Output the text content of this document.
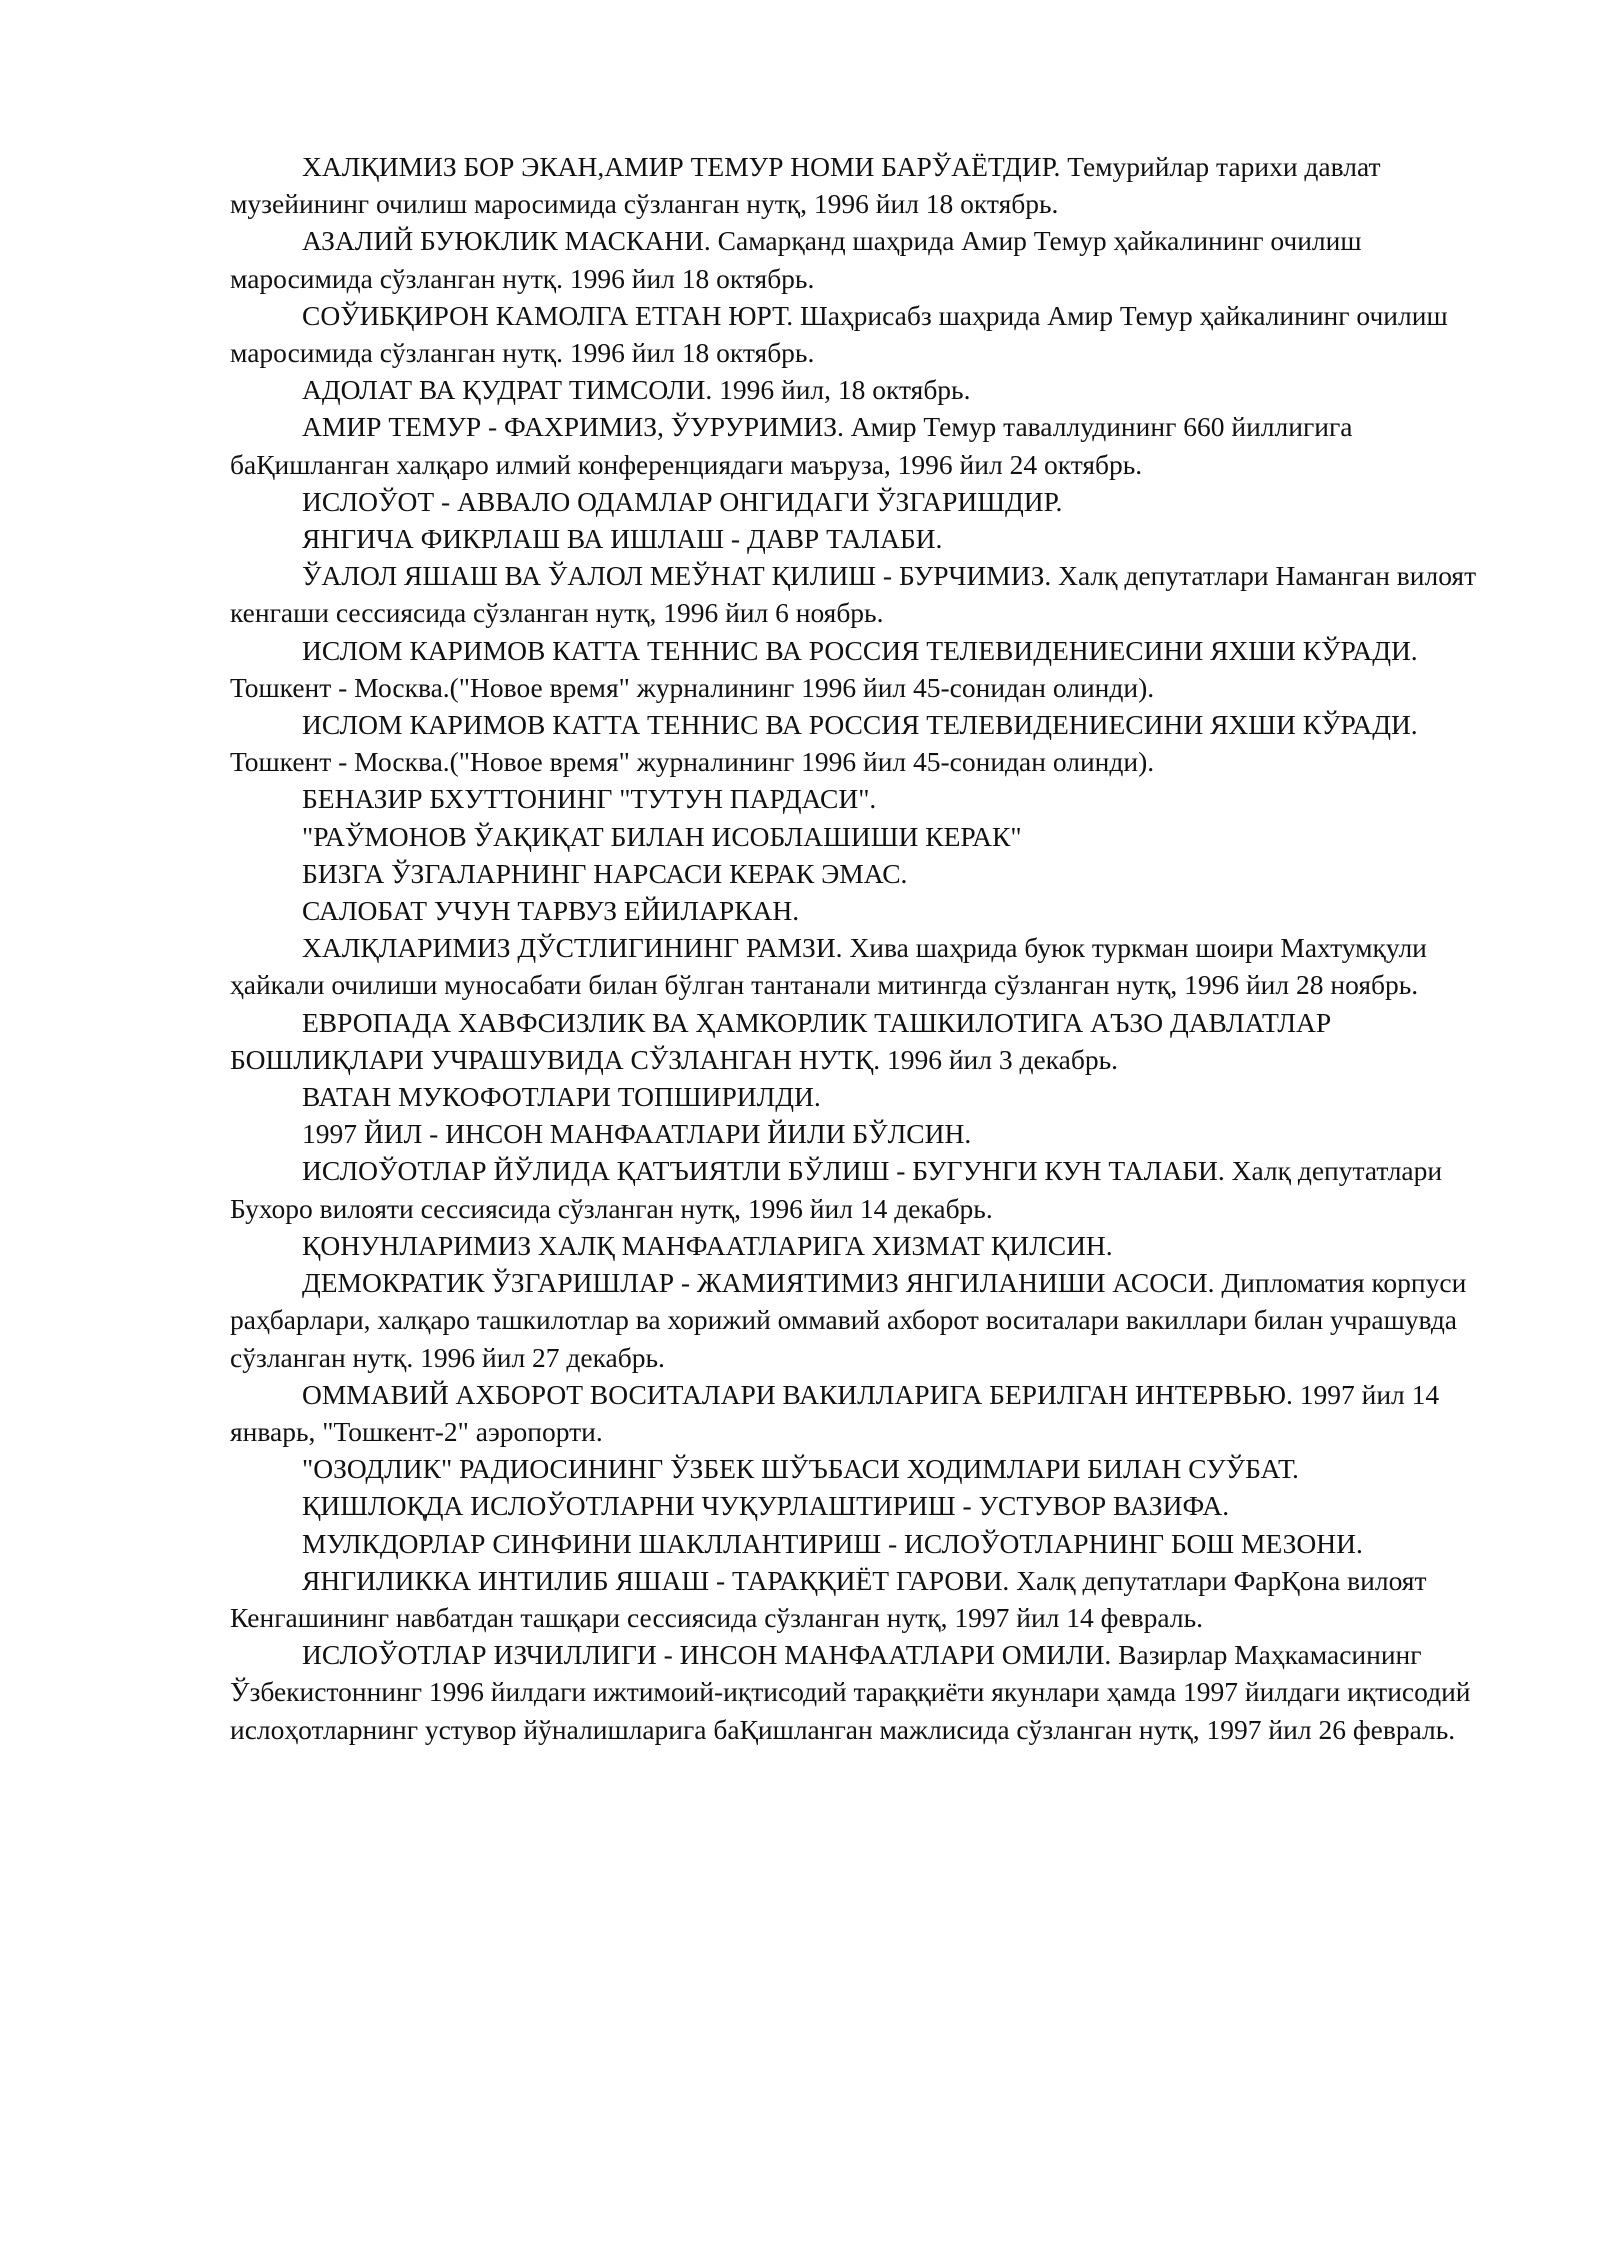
ХАЛҚИМИЗ БОР ЭКАН,АМИР ТЕМУР НОМИ БАРЎАЁТДИР. Темурийлар тарихи давлат музейининг очилиш маросимида сўзланган нутқ, 1996 йил 18 октябрь.

АЗАЛИЙ БУЮКЛИК МАСКАНИ. Самарқанд шаҳрида Амир Темур ҳайкалининг очилиш маросимида сўзланган нутқ. 1996 йил 18 октябрь.

СОЎИБҚИРОН КАМОЛГА ЕТГАН ЮРТ. Шаҳрисабз шаҳрида Амир Темур ҳайкалининг очилиш маросимида сўзланган нутқ. 1996 йил 18 октябрь.

АДОЛАТ ВА ҚУДРАТ ТИМСОЛИ. 1996 йил, 18 октябрь.

АМИР ТЕМУР - ФАХРИМИЗ, ЎУРУРИМИЗ. Амир Темур таваллудининг 660 йиллигига баҚишланган халқаро илмий конференциядаги маъруза, 1996 йил 24 октябрь.

ИСЛОЎОТ - АВВАЛО ОДАМЛАР ОНГИДАГИ ЎЗГАРИШДИР.

ЯНГИЧА ФИКРЛАШ ВА ИШЛАШ - ДАВР ТАЛАБИ.

ЎАЛОЛ ЯШАШ ВА ЎАЛОЛ МЕЎНАТ ҚИЛИШ - БУРЧИМИЗ. Халқ депутатлари Наманган вилоят кенгаши сессиясида сўзланган нутқ, 1996 йил 6 ноябрь.

ИСЛОМ КАРИМОВ КАТТА ТЕННИС ВА РОССИЯ ТЕЛЕВИДЕНИЕСИНИ ЯХШИ КЎРАДИ. Тошкент - Москва.("Новое время" журналининг 1996 йил 45-сонидан олинди).

ИСЛОМ КАРИМОВ КАТТА ТЕННИС ВА РОССИЯ ТЕЛЕВИДЕНИЕСИНИ ЯХШИ КЎРАДИ. Тошкент - Москва.("Новое время" журналининг 1996 йил 45-сонидан олинди).

БЕНАЗИР БХУТТОНИНГ "ТУТУН ПАРДАСИ".

"РАЎМОНОВ ЎАҚИҚАТ БИЛАН ИСОБЛАШИШИ КЕРАК"

БИЗГА ЎЗГАЛАРНИНГ НАРСАСИ КЕРАК ЭМАС.

САЛОБАТ УЧУН ТАРВУЗ ЕЙИЛАРКАН.

ХАЛҚЛАРИМИЗ ДЎСТЛИГИНИНГ РАМЗИ. Хива шаҳрида буюк туркман шоири Махтумқули ҳайкали очилиши муносабати билан бўлган тантанали митингда сўзланган нутқ, 1996 йил 28 ноябрь.

ЕВРОПАДА ХАВФСИЗЛИК ВА ҲАМКОРЛИК ТАШКИЛОТИГА АЪЗО ДАВЛАТЛАР БОШЛИҚЛАРИ УЧРАШУВИДА СЎЗЛАНГАН НУТҚ. 1996 йил 3 декабрь.

ВАТАН МУКОФОТЛАРИ ТОПШИРИЛДИ.

1997 ЙИЛ - ИНСОН МАНФААТЛАРИ ЙИЛИ БЎЛСИН.

ИСЛОЎОТЛАР ЙЎЛИДА ҚАТЪИЯТЛИ БЎЛИШ - БУГУНГИ КУН ТАЛАБИ. Халқ депутатлари Бухоро вилояти сессиясида сўзланган нутқ, 1996 йил 14 декабрь.

ҚОНУНЛАРИМИЗ ХАЛҚ МАНФААТЛАРИГА ХИЗМАТ ҚИЛСИН.

ДЕМОКРАТИК ЎЗГАРИШЛАР - ЖАМИЯТИМИЗ ЯНГИЛАНИШИ АСОСИ. Дипломатия корпуси раҳбарлари, халқаро ташкилотлар ва хорижий оммавий ахборот воситалари вакиллари билан учрашувда сўзланган нутқ. 1996 йил 27 декабрь.

ОММАВИЙ АХБОРОТ ВОСИТАЛАРИ ВАКИЛЛАРИГА БЕРИЛГАН ИНТЕРВЬЮ. 1997 йил 14 январь, "Тошкент-2" аэропорти.

"ОЗОДЛИК" РАДИОСИНИНГ ЎЗБЕК ШЎЪБАСИ ХОДИМЛАРИ БИЛАН СУЎБАТ.

ҚИШЛОҚДА ИСЛОЎОТЛАРНИ ЧУҚУРЛАШТИРИШ - УСТУВОР ВАЗИФА.

МУЛКДОРЛАР СИНФИНИ ШАКЛЛАНТИРИШ - ИСЛОЎОТЛАРНИНГ БОШ МЕЗОНИ.

ЯНГИЛИККА ИНТИЛИБ ЯШАШ - ТАРАҚҚИЁТ ГАРОВИ. Халқ депутатлари ФарҚона вилоят Кенгашининг навбатдан ташқари сессиясида сўзланган нутқ, 1997 йил 14 февраль.

ИСЛОЎОТЛАР ИЗЧИЛЛИГИ - ИНСОН МАНФААТЛАРИ ОМИЛИ. Вазирлар Маҳкамасининг Ўзбекистоннинг 1996 йилдаги ижтимоий-иқтисодий тараққиёти якунлари ҳамда 1997 йилдаги иқтисодий ислоҳотларнинг устувор йўналишларига баҚишланган мажлисида сўзланган нутқ, 1997 йил 26 февраль.
